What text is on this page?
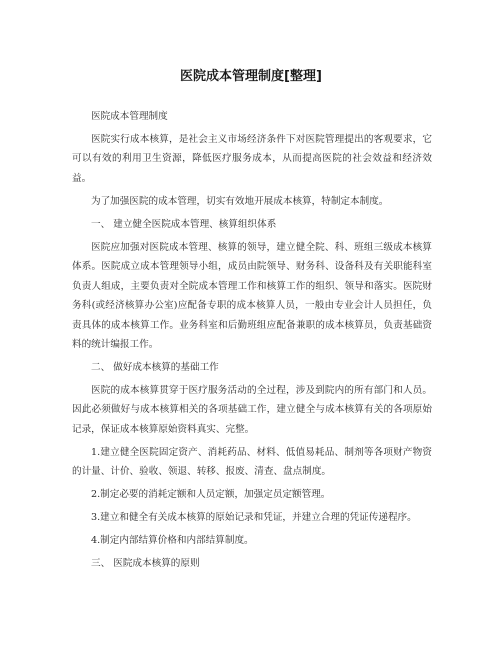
医院成本管理制度[整理]

医院成本管理制度

医院实行成本核算，是社会主义市场经济条件下对医院管理提出的客观要求，它可以有效的利用卫生资源，降低医疗服务成本，从而提高医院的社会效益和经济效益。

为了加强医院的成本管理，切实有效地开展成本核算，特制定本制度。

一、 建立健全医院成本管理、核算组织体系

医院应加强对医院成本管理、核算的领导，建立健全院、科、班组三级成本核算体系。医院成立成本管理领导小组，成员由院领导、财务科、设备科及有关职能科室负责人组成，主要负责对全院成本管理工作和核算工作的组织、领导和落实。医院财务科(或经济核算办公室)应配备专职的成本核算人员，一般由专业会计人员担任，负责具体的成本核算工作。业务科室和后勤班组应配备兼职的成本核算员，负责基础资料的统计编报工作。

二、 做好成本核算的基础工作

医院的成本核算贯穿于医疗服务活动的全过程，涉及到院内的所有部门和人员。因此必须做好与成本核算相关的各项基础工作，建立健全与成本核算有关的各项原始记录，保证成本核算原始资料真实、完整。

1.建立健全医院固定资产、消耗药品、材料、低值易耗品、制剂等各项财产物资的计量、计价、验收、领退、转移、报废、清查、盘点制度。

2.制定必要的消耗定额和人员定额，加强定员定额管理。

3.建立和健全有关成本核算的原始记录和凭证，并建立合理的凭证传递程序。

4.制定内部结算价格和内部结算制度。

三、 医院成本核算的原则
